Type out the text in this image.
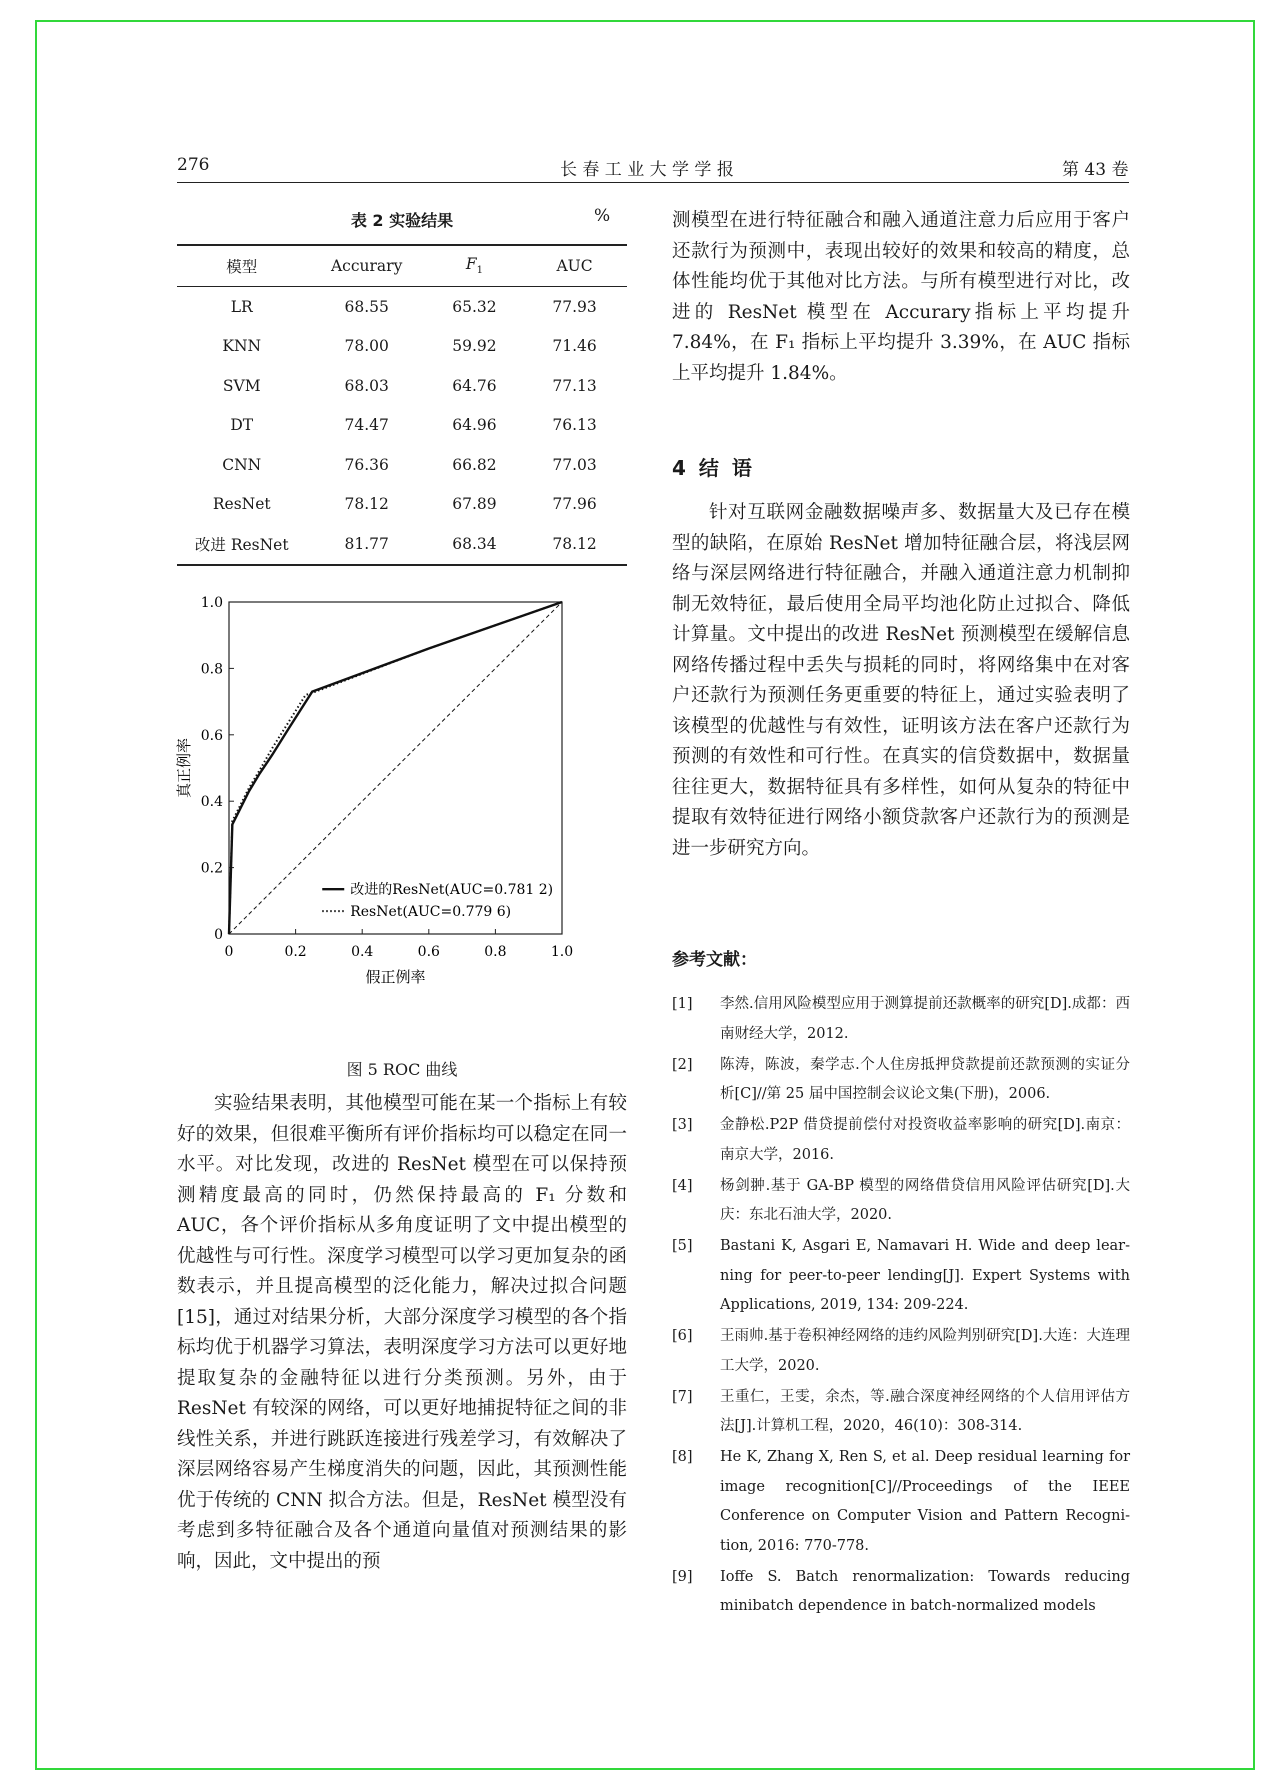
276	长 春 工 业 大 学 学 报	第 43 卷
表 2 实验结果	%
模型	Accurary	$F_1$	AUC
LR	68.55	65.32	77.93
KNN	78.00	59.92	71.46
SVM	68.03	64.76	77.13
DT	74.47	64.96	76.13
CNN	76.36	66.82	77.03
ResNet	78.12	67.89	77.96
改进 ResNet	81.77	68.34	78.12
0	0.2	0.4	0.6	0.8	1.0
0
0.2
0.4
0.6
0.8
1.0
改进的ResNet(AUC=0.781 2)
ResNet(AUC=0.779 6)
假正例率
真正例率
图 5 ROC 曲线

实验结果表明，其他模型可能在某一个指标上有较好的效果，但很难平衡所有评价指标均可以稳定在同一水平。对比发现，改进的 ResNet 模型在可以保持预测精度最高的同时，仍然保持最高的 F₁ 分数和 AUC，各个评价指标从多角度证明了文中提出模型的优越性与可行性。深度学习模型可以学习更加复杂的函数表示，并且提高模型的泛化能力，解决过拟合问题[15]，通过对结果分析，大部分深度学习模型的各个指标均优于机器学习算法，表明深度学习方法可以更好地提取复杂的金融特征以进行分类预测。另外，由于 ResNet 有较深的网络，可以更好地捕捉特征之间的非线性关系，并进行跳跃连接进行残差学习，有效解决了深层网络容易产生梯度消失的问题，因此，其预测性能优于传统的 CNN 拟合方法。但是，ResNet 模型没有考虑到多特征融合及各个通道向量值对预测结果的影响，因此，文中提出的预

测模型在进行特征融合和融入通道注意力后应用于客户还款行为预测中，表现出较好的效果和较高的精度，总体性能均优于其他对比方法。与所有模型进行对比，改进的 ResNet 模型在 Accurary指标上平均提升 7.84%，在 F₁ 指标上平均提升 3.39%，在 AUC 指标上平均提升 1.84%。

4 结 语

针对互联网金融数据噪声多、数据量大及已存在模型的缺陷，在原始 ResNet 增加特征融合层，将浅层网络与深层网络进行特征融合，并融入通道注意力机制抑制无效特征，最后使用全局平均池化防止过拟合、降低计算量。文中提出的改进 ResNet 预测模型在缓解信息网络传播过程中丢失与损耗的同时，将网络集中在对客户还款行为预测任务更重要的特征上，通过实验表明了该模型的优越性与有效性，证明该方法在客户还款行为预测的有效性和可行性。在真实的信贷数据中，数据量往往更大，数据特征具有多样性，如何从复杂的特征中提取有效特征进行网络小额贷款客户还款行为的预测是进一步研究方向。

参考文献：
[1] 李然.信用风险模型应用于测算提前还款概率的研究[D].成都：西南财经大学，2012.
[2] 陈涛，陈波，秦学志.个人住房抵押贷款提前还款预测的实证分析[C]//第 25 届中国控制会议论文集(下册)，2006.
[3] 金静松.P2P 借贷提前偿付对投资收益率影响的研究[D].南京：南京大学，2016.
[4] 杨剑翀.基于 GA-BP 模型的网络借贷信用风险评估研究[D].大庆：东北石油大学，2020.
[5] Bastani K, Asgari E, Namavari H. Wide and deep lear-ning for peer-to-peer lending[J]. Expert Systems with Applications, 2019, 134: 209-224.
[6] 王雨帅.基于卷积神经网络的违约风险判别研究[D].大连：大连理工大学，2020.
[7] 王重仁，王雯，余杰，等.融合深度神经网络的个人信用评估方法[J].计算机工程，2020，46(10)：308-314.
[8] He K, Zhang X, Ren S, et al. Deep residual learning for image recognition[C]//Proceedings of the IEEE Conference on Computer Vision and Pattern Recogni- tion, 2016: 770-778.
[9] Ioffe S. Batch renormalization: Towards reducing minibatch dependence in batch-normalized models
